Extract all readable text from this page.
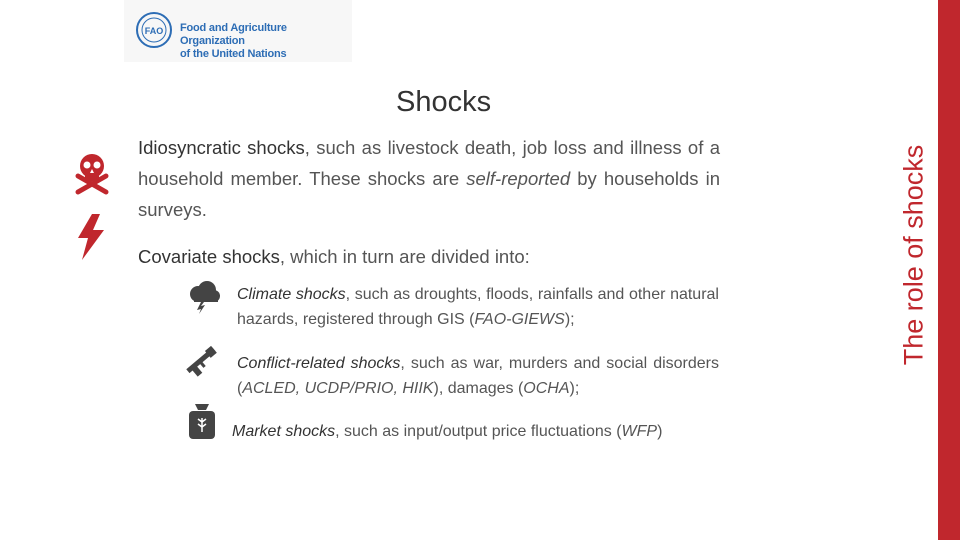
FAO Food and Agriculture Organization
of the United Nations
Shocks
Idiosyncratic shocks, such as livestock death, job loss and illness of a household member. These shocks are self-reported by households in surveys.
Covariate shocks, which in turn are divided into:
Climate shocks, such as droughts, floods, rainfalls and other natural hazards, registered through GIS (FAO-GIEWS);
Conflict-related shocks, such as war, murders and social disorders (ACLED, UCDP/PRIO, HIIK), damages (OCHA);
Market shocks, such as input/output price fluctuations (WFP)
The role of shocks
